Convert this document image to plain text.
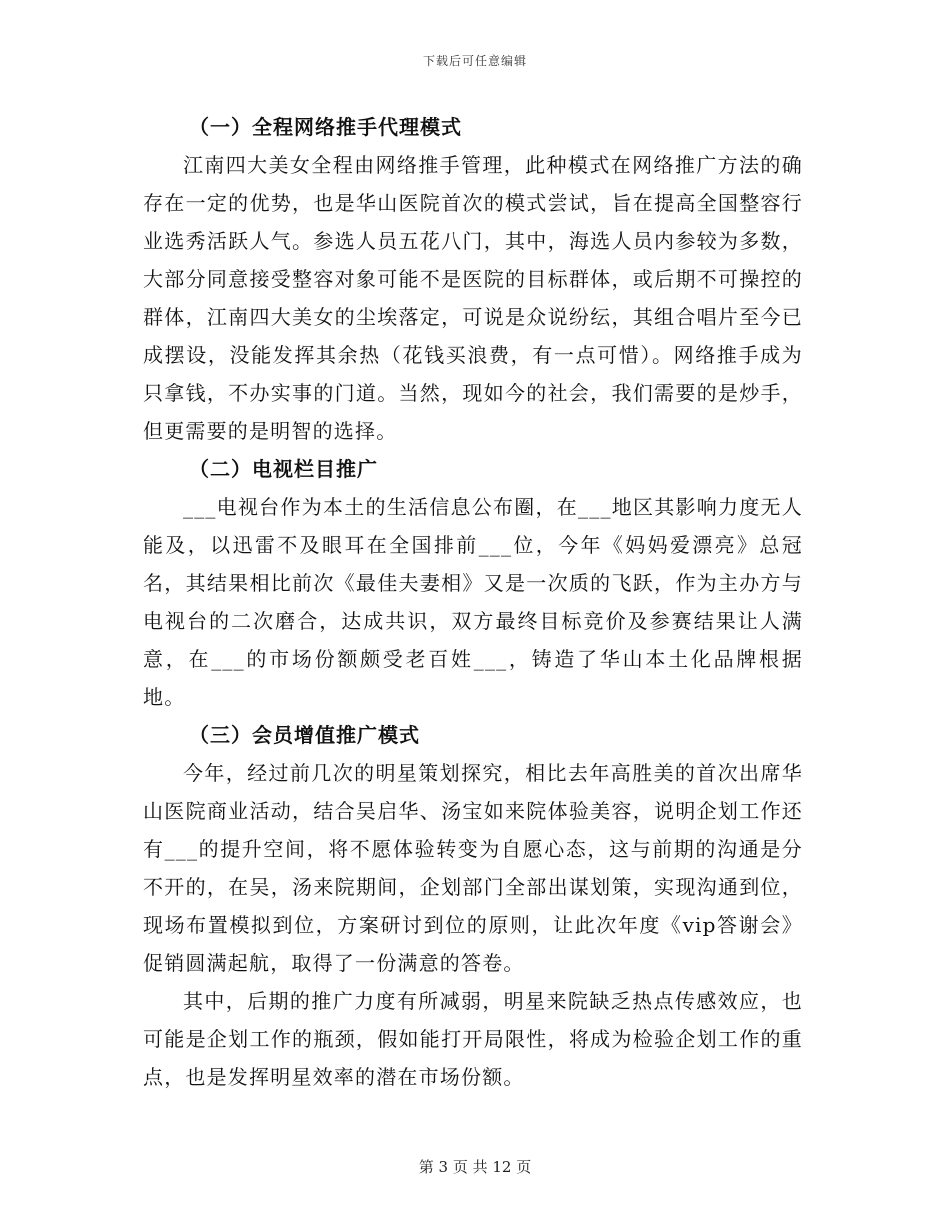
下载后可任意编辑
（一）全程网络推手代理模式

江南四大美女全程由网络推手管理，此种模式在网络推广方法的确存在一定的优势，也是华山医院首次的模式尝试，旨在提高全国整容行业选秀活跃人气。参选人员五花八门，其中，海选人员内参较为多数，大部分同意接受整容对象可能不是医院的目标群体，或后期不可操控的群体，江南四大美女的尘埃落定，可说是众说纷纭，其组合唱片至今已成摆设，没能发挥其余热（花钱买浪费，有一点可惜）。网络推手成为只拿钱，不办实事的门道。当然，现如今的社会，我们需要的是炒手，但更需要的是明智的选择。

（二）电视栏目推广

___电视台作为本土的生活信息公布圈，在___地区其影响力度无人能及，以迅雷不及眼耳在全国排前___位，今年《妈妈爱漂亮》总冠名，其结果相比前次《最佳夫妻相》又是一次质的飞跃，作为主办方与电视台的二次磨合，达成共识，双方最终目标竞价及参赛结果让人满意，在___的市场份额颇受老百姓___，铸造了华山本土化品牌根据地。

（三）会员增值推广模式

今年，经过前几次的明星策划探究，相比去年高胜美的首次出席华山医院商业活动，结合吴启华、汤宝如来院体验美容，说明企划工作还有___的提升空间，将不愿体验转变为自愿心态，这与前期的沟通是分不开的，在吴，汤来院期间，企划部门全部出谋划策，实现沟通到位，现场布置模拟到位，方案研讨到位的原则，让此次年度《vip答谢会》促销圆满起航，取得了一份满意的答卷。

其中，后期的推广力度有所减弱，明星来院缺乏热点传感效应，也可能是企划工作的瓶颈，假如能打开局限性，将成为检验企划工作的重点，也是发挥明星效率的潜在市场份额。

第 3 页 共 12 页
